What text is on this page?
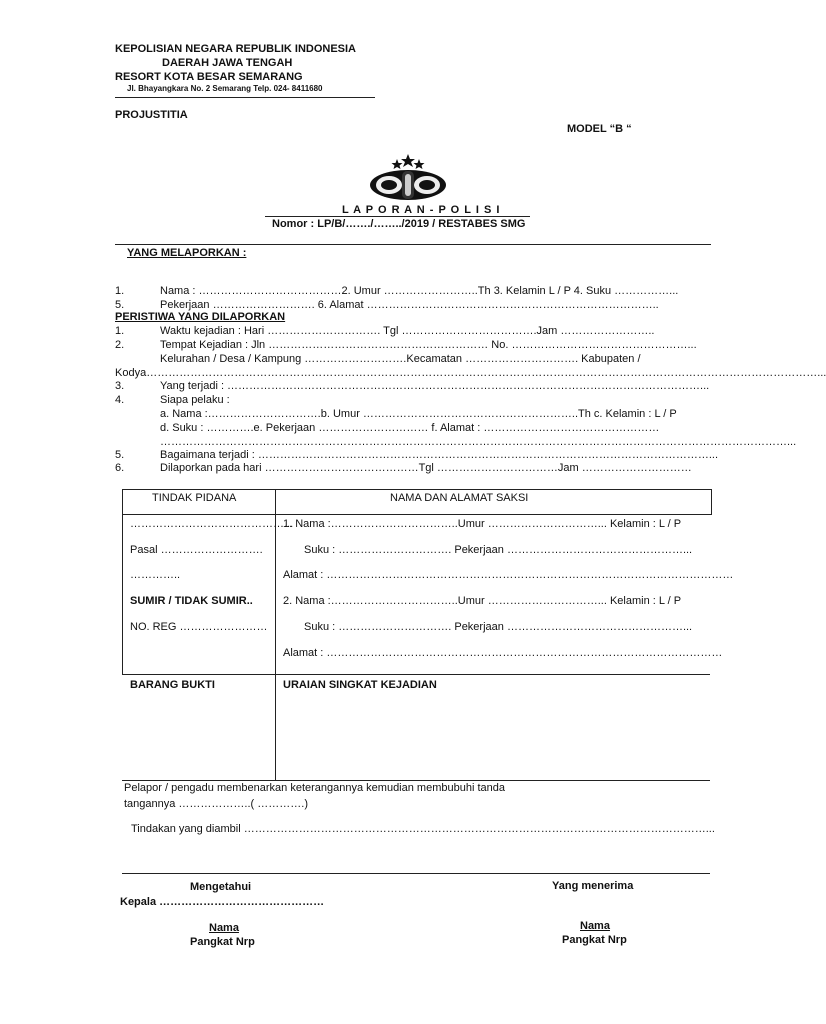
KEPOLISIAN NEGARA REPUBLIK INDONESIA
DAERAH JAWA TENGAH
RESORT KOTA BESAR SEMARANG
Jl. Bhayangkara No. 2 Semarang Telp. 024- 8411680
PROJUSTITIA
MODEL “B “
L A P O R A N - P O L I S I
Nomor : LP/B/……./……../2019 / RESTABES SMG
YANG MELAPORKAN :
1.	Nama : …………………………………2. Umur ……………………..Th 3. Kelamin L / P 4. Suku ……………...
5.	Pekerjaan ………………………. 6. Alamat ……………………………………………………………………..
PERISTIWA YANG DILAPORKAN
1.	Waktu kejadian : Hari …………………………. Tgl ……………………………….Jam ……………………..
2.	Tempat Kejadian : Jln …………………………………………………… No. …………………………………………...
Kelurahan / Desa / Kampung ……………………….Kecamatan …………………………. Kabupaten /
Kodya…………………………………………………………………………………………………………………………………………………………………...
3.	Yang terjadi : …………………………………………………………………………………………………………………...
4.	Siapa pelaku :
a. Nama :………………………….b. Umur …………………………………………………..Th c. Kelamin : L / P
d. Suku : ………….e. Pekerjaan ………………………… f. Alamat : …………………………………………
………………………………………………………………………………………………………………………………………………………...
5.	Bagaimana terjadi : ……………………………………………………………………………………………………………...
6.	Dilaporkan pada hari ……………………………………Tgl ……………………………Jam …………………………
TINDAK PIDANA	NAMA DAN ALAMAT SAKSI
……………………………………...
Pasal ……………………….
…………..
SUMIR / TIDAK SUMIR..
NO. REG ……………………
1. Nama :……………………………..Umur …………………………... Kelamin : L / P
Suku : …………………………. Pekerjaan …………………………………………...
Alamat : …………………………………………………………………………………………………
2. Nama :……………………………..Umur …………………………... Kelamin : L / P
Suku : …………………………. Pekerjaan …………………………………………...
Alamat : ………………………………………………………………………………………………
BARANG BUKTI	URAIAN SINGKAT KEJADIAN
Pelapor / pengadu membenarkan keterangannya kemudian membubuhi tanda
tangannya ………………..( ………….)
Tindakan yang diambil ………………………………………………………………………………………………………………...
Mengetahui
Kepala ………………………………………
Nama
Pangkat Nrp
Yang menerima
Nama
Pangkat Nrp
